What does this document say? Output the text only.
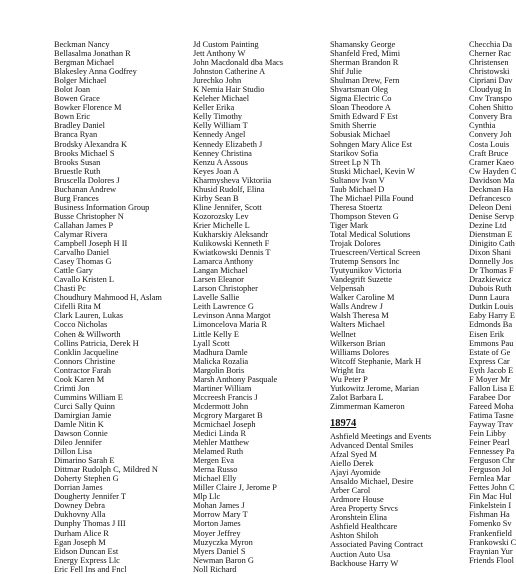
Beckman Nancy
Bellasalma Jonathan R
Bergman Michael
Blakesley Anna Godfrey
Bolger Michael
Bolot Joan
Bowen Grace
Bowker Florence M
Bown Eric
Bradley Daniel
Branca Ryan
Brodsky Alexandra K
Brooks Michael S
Brooks Susan
Bruestle Ruth
Bruscella Dolores J
Buchanan Andrew
Burg Frances
Business Information Group
Busse Christopher N
Callahan James P
Calymar Rivera
Campbell Joseph H II
Carvalho Daniel
Casey Thomas G
Cattle Gary
Cavallo Kristen L
Chasti Pc
Choudhury Mahmood H, Aslam
Cifelli Rita M
Clark Lauren, Lukas
Cocco Nicholas
Cohen & Willworth
Collins Patricia, Derek H
Conklin Jacqueline
Connors Christine
Contractor Farah
Cook Karen M
Crimti Jon
Cummins William E
Curci Sally Quinn
Damirgian Jamie
Damle Nitin K
Dawson Connie
Dileo Jennifer
Dillon Lisa
Dimarino Sarah E
Dittmar Rudolph C, Mildred N
Doherty Stephen G
Dorrian James
Dougherty Jennifer T
Downey Debra
Dukhovny Alla
Dunphy Thomas J III
Durham Alice R
Egan Joseph M
Eidson Duncan Est
Energy Express Llc
Eric Fell Ins and Fncl
Jd Custom Painting
Jett Anthony W
John Macdonald dba Macs
Johnston Catherine A
Jurechko John
K Nemia Hair Studio
Keleher Michael
Keller Erika
Kelly Timothy
Kelly William T
Kennedy Angel
Kennedy Elizabeth J
Kenney Christina
Kenzu A Assous
Keyes Joan A
Kharmysheva Viktoriia
Khusid Rudolf, Elina
Kirby Sean B
Kline Jennifer, Scott
Kozorozsky Lev
Krier Michelle L
Kukharskiy Aleksandr
Kulikowski Kenneth F
Kwiatkowski Dennis T
Lamarca Anthony
Langan Michael
Larsen Eleanor
Larson Christopher
Lavelle Sallie
Leith Lawrence G
Levinson Anna Margot
Limoncelova Maria R
Little Kelly E
Lyall Scott
Madhura Damle
Malicka Rozalia
Margolin Boris
Marsh Anthony Pasquale
Martiner William
Mccreesh Francis J
Mcdermott John
Mcgrory Margaret B
Mcmichael Joseph
Medici Linda R
Mehler Matthew
Melamed Ruth
Mergen Eva
Merna Russo
Michael Elly
Miller Claire J, Jerome P
Mlp Llc
Mohan James J
Morrow Mary T
Morton James
Moyer Jeffrey
Muzyczka Myron
Myers Daniel S
Newman Baron G
Noll Richard
Shamansky George
Shanfeld Fred, Mimi
Sherman Brandon R
Shif Julie
Shulman Drew, Fern
Shvartsman Oleg
Sigma Electric Co
Sloan Theodore A
Smith Edward F Est
Smith Sherrie
Sobusiak Michael
Sohngen Mary Alice Est
Starikov Sofia
Street Lp N Th
Stuski Michael, Kevin W
Sultanov Ivan V
Taub Michael D
The Michael Pilla Found
Theresa Stoertz
Thompson Steven G
Tiger Mark
Total Medical Solutions
Trojak Dolores
Truescreen/Vertical Screen
Trutemp Sensors Inc
Tyutyunikov Victoria
Vandegrift Suzette
Velpensah
Walker Caroline M
Walls Andrew J
Walsh Theresa M
Walters Michael
Wellnet
Wilkerson Brian
Williams Dolores
Witcoff Stephanie, Mark H
Wright Ira
Wu Peter P
Yutkowitz Jerome, Marian
Zalot Barbara L
Zimmerman Kameron
18974
Ashfield Meetings and Events
Advanced Dental Smiles
Afzal Syed M
Aiello Derek
Ajayi Ayomide
Ansaldo Michael, Desire
Arber Carol
Ardmore House
Area Property Srvcs
Aronshtein Elina
Ashfield Healthcare
Ashton Shiloh
Associated Paving Contract
Auction Auto Usa
Backhouse Harry W
Checchia Da
Cherner Rac
Christensen
Christowski
Cipriani Dav
Cloudyug In
Cnv Transpo
Cohen Shitto
Convery Bra
Cynthia
Convery Joh
Costa Louis
Craft Bruce
Cramer Kaeo
Cw Hayden C
Davidson Ma
Deckman Ha
Defrancesco
Deleon Deni
Denise Servp
Dezine Ltd
Dienstman E
Dinigito Cath
Dixon Shani
Donnelly Jos
Dr Thomas F
Drazkiewicz
Dubois Ruth
Dunn Laura
Dutkin Louis
Eaby Harry E
Edmonds Ba
Eisen Erik
Emmons Pau
Estate of Ge
Express Car
Eyth Jacob E
F Moyer Mr
Fallon Lisa E
Farabee Dor
Fareed Moha
Fatima Tasne
Fayway Trav
Fein Libby
Feiner Pearl
Fennessey Pa
Ferguson Chr
Ferguson Jol
Fernlea Mar
Fettes John C
Fin Mac Hul
Finkelstein I
Fishman Ha
Fomenko Sv
Frankenfield
Frankowski C
Fraynian Yur
Friends Flool
